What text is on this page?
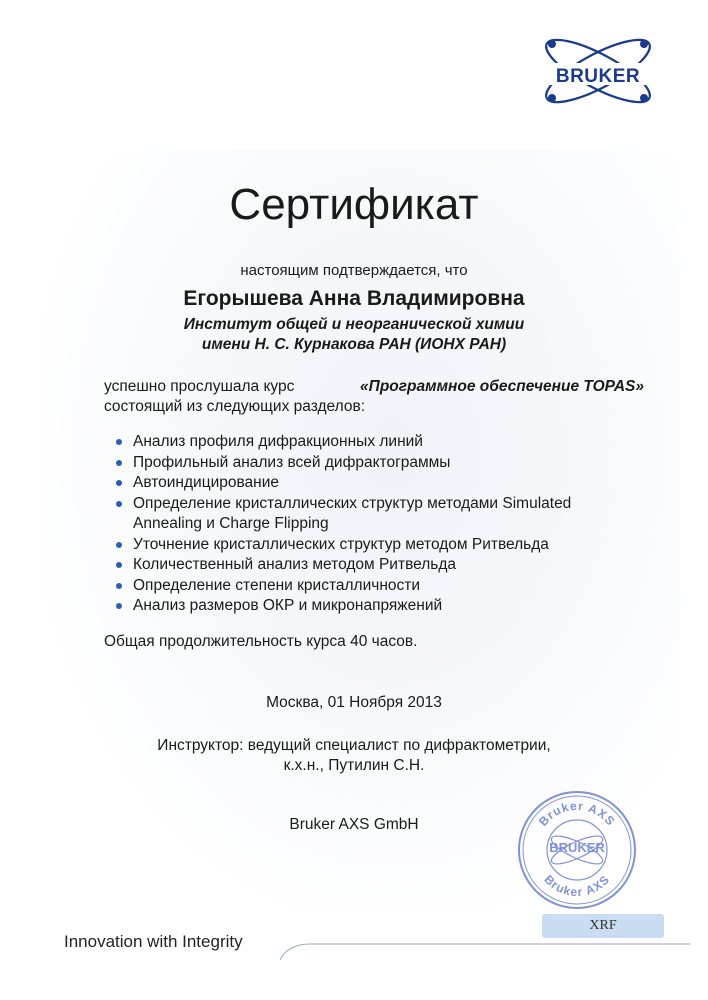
BRUKER
Сертификат
настоящим подтверждается, что
Егорышева Анна Владимировна
Институт общей и неорганической химии
имени Н. С. Курнакова РАН (ИОНХ РАН)
успешно прослушала курс	«Программное обеспечение TOPAS»
состоящий из следующих разделов:
Анализ профиля дифракционных линий
Профильный анализ всей дифрактограммы
Автоиндицирование
Определение кристаллических структур методами Simulated Annealing и Charge Flipping
Уточнение кристаллических структур методом Ритвельда
Количественный анализ методом Ритвельда
Определение степени кристалличности
Анализ размеров ОКР и микронапряжений
Общая продолжительность курса 40 часов.
Москва, 01 Ноября 2013
Инструктор: ведущий специалист по дифрактометрии,
к.х.н., Путилин С.Н.
Bruker AXS GmbH	Bruker AXS
Bruker AXS
BRUKER
XRF
Innovation with Integrity
